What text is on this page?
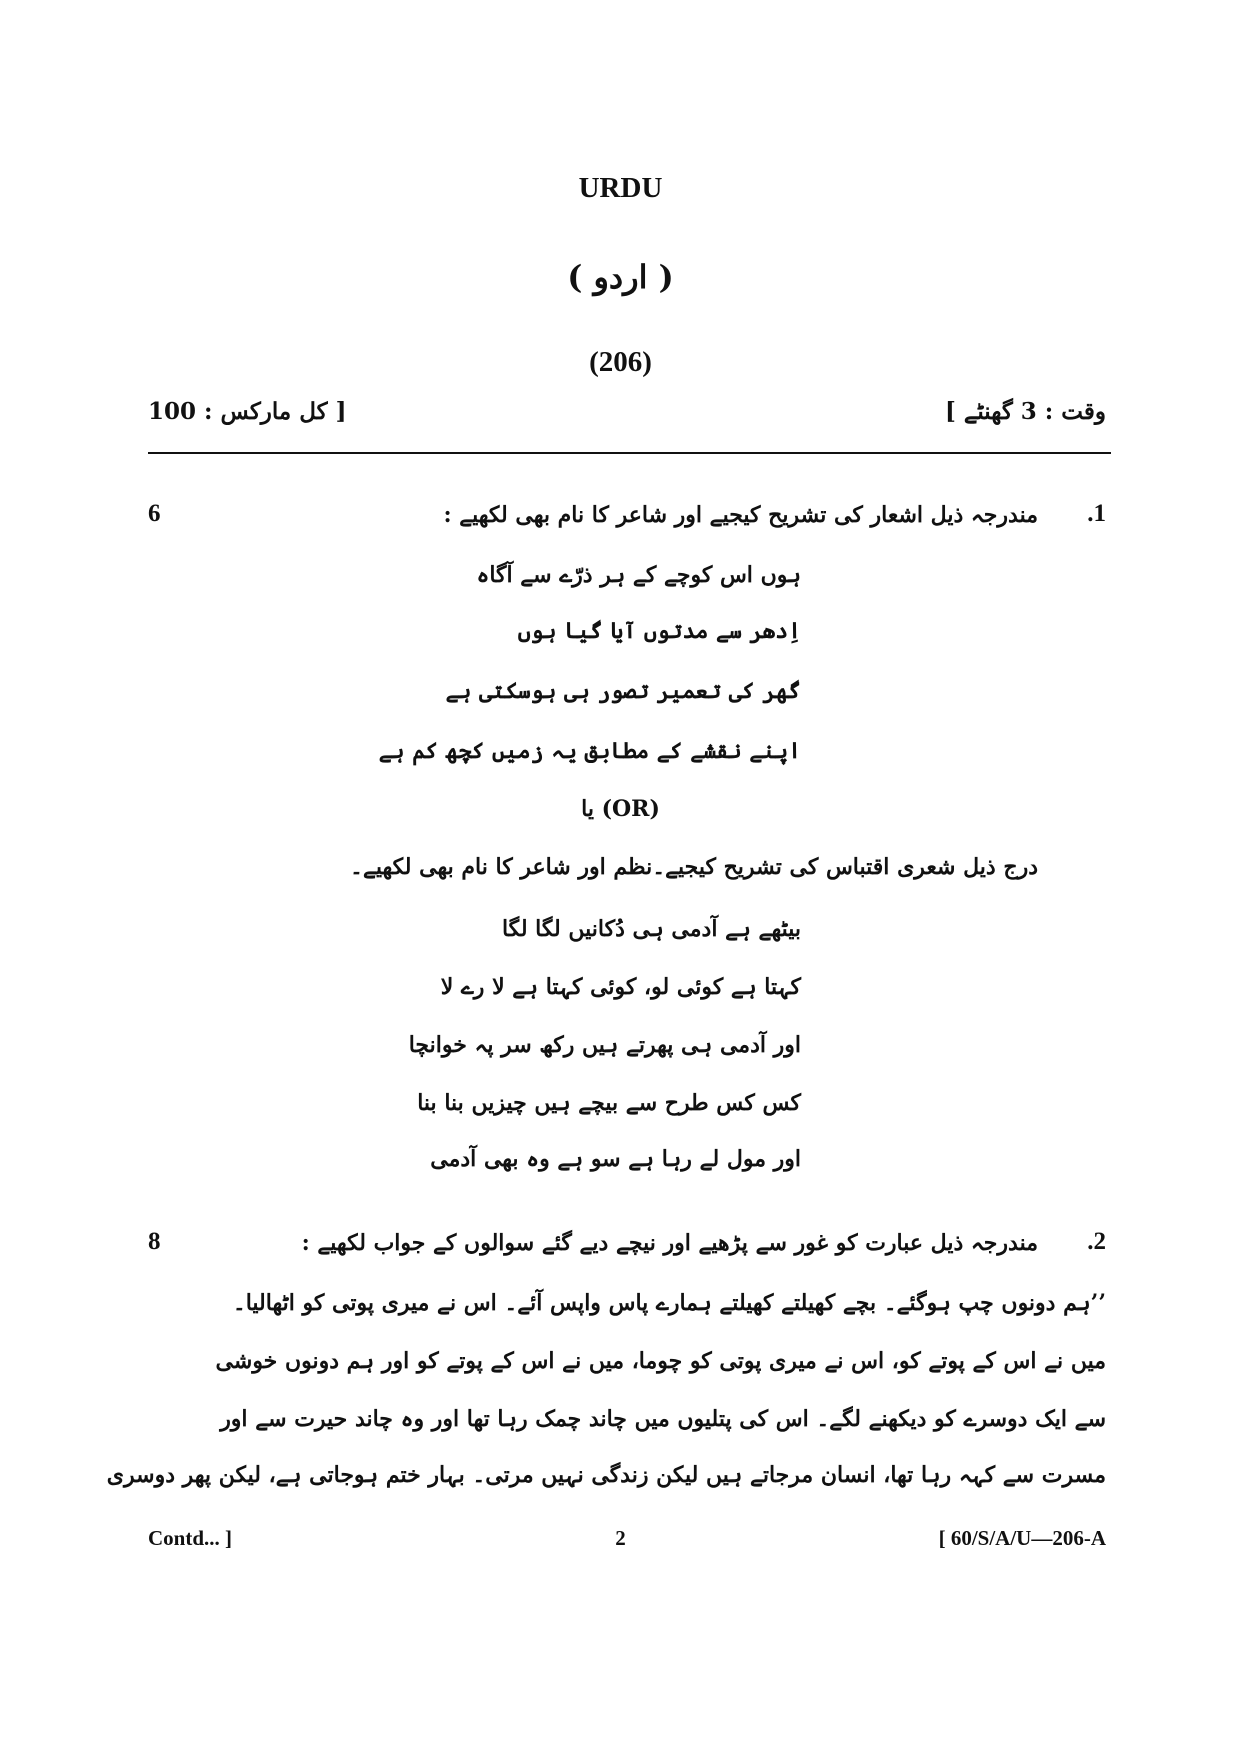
URDU
( اردو )
(206)
وقت : 3 گھنٹے ]
[ کل مارکس : 100
.1
6	مندرجہ ذیل اشعار کی تشریح کیجیے اور شاعر کا نام بھی لکھیے :
ہوں اس کوچے کے ہر ذرّے سے آگاہ
اِدھر سے مدتوں آیا گیا ہوں
گھر کی تعمیر تصور ہی ہوسکتی ہے
اپنے نقشے کے مطابق یہ زمیں کچھ کم ہے
یا (OR)
درج ذیل شعری اقتباس کی تشریح کیجیے۔نظم اور شاعر کا نام بھی لکھیے۔
بیٹھے ہے آدمی ہی دُکانیں لگا لگا
کہتا ہے کوئی لو، کوئی کہتا ہے لا رے لا
اور آدمی ہی پھرتے ہیں رکھ سر پہ خوانچا
کس کس طرح سے بیچے ہیں چیزیں بنا بنا
اور مول لے رہا ہے سو ہے وہ بھی آدمی
.2
8	مندرجہ ذیل عبارت کو غور سے پڑھیے اور نیچے دیے گئے سوالوں کے جواب لکھیے :
’’ہم دونوں چپ ہوگئے۔ بچے کھیلتے کھیلتے ہمارے پاس واپس آئے۔ اس نے میری پوتی کو اٹھالیا۔
میں نے اس کے پوتے کو، اس نے میری پوتی کو چوما، میں نے اس کے پوتے کو اور ہم دونوں خوشی
سے ایک دوسرے کو دیکھنے لگے۔ اس کی پتلیوں میں چاند چمک رہا تھا اور وہ چاند حیرت سے اور
مسرت سے کہہ رہا تھا، انسان مرجاتے ہیں لیکن زندگی نہیں مرتی۔ بہار ختم ہوجاتی ہے، لیکن پھر دوسری
Contd... ]	2	[ 60/S/A/U—206-A
